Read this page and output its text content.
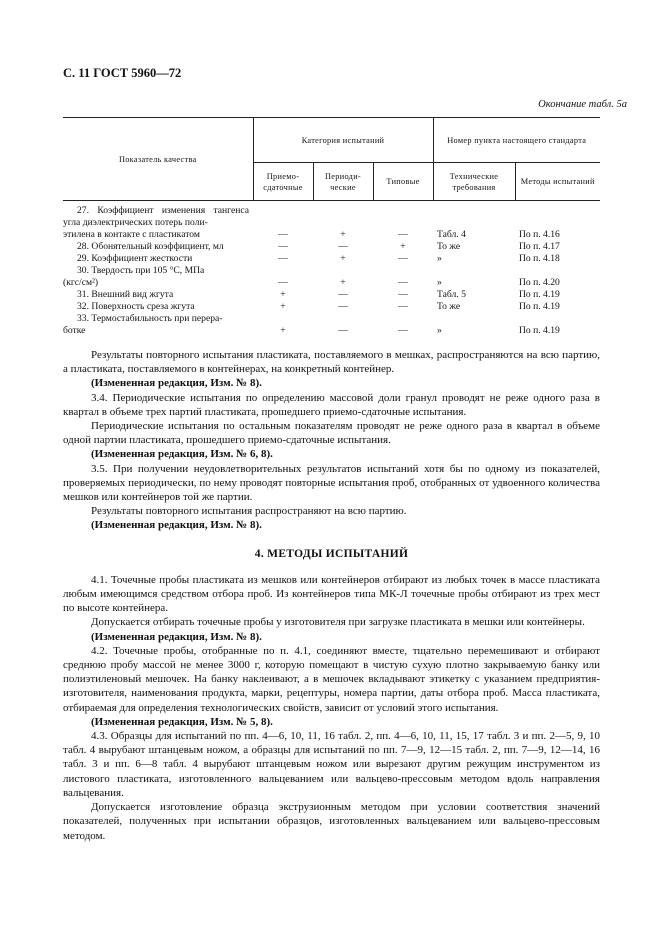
С. 11 ГОСТ 5960—72
Окончание табл. 5а
Показатель качества	Категория испытаний			Номер пункта настоящего стандарта	
	Приемо-сдаточные	Периоди-ческие	Типовые	Технические требования	Методы испытаний

27. Коэффициент изменения тангенса угла диэлектрических потерь поли-
этилена в контакте с пластикатом	—	+	—	Табл. 4	По п. 4.16

28. Обонятельный коэффициент, мл	—	—	+	То же	По п. 4.17

29. Коэффициент жесткости	—	+	—	»	По п. 4.18

30. Твердость при 105 °С, МПа
(кгс/см²)	—	+	—	»	По п. 4.20

31. Внешний вид жгута	+	—	—	Табл. 5	По п. 4.19

32. Поверхность среза жгута	+	—	—	То же	По п. 4.19

33. Термостабильность при перера-
ботке	+	—	—	»	По п. 4.19

Результаты повторного испытания пластиката, поставляемого в мешках, распространяются на всю партию, а пластиката, поставляемого в контейнерах, на конкретный контейнер.

(Измененная редакция, Изм. № 8).

3.4. Периодические испытания по определению массовой доли гранул проводят не реже одного раза в квартал в объеме трех партий пластиката, прошедшего приемо-сдаточные испытания.

Периодические испытания по остальным показателям проводят не реже одного раза в квартал в объеме одной партии пластиката, прошедшего приемо-сдаточные испытания.

(Измененная редакция, Изм. № 6, 8).

3.5. При получении неудовлетворительных результатов испытаний хотя бы по одному из показателей, проверяемых периодически, по нему проводят повторные испытания проб, отобранных от удвоенного количества мешков или контейнеров той же партии.

Результаты повторного испытания распространяют на всю партию.

(Измененная редакция, Изм. № 8).

4. МЕТОДЫ ИСПЫТАНИЙ

4.1. Точечные пробы пластиката из мешков или контейнеров отбирают из любых точек в массе пластиката любым имеющимся средством отбора проб. Из контейнеров типа МК-Л точечные пробы отбирают из трех мест по высоте контейнера.

Допускается отбирать точечные пробы у изготовителя при загрузке пластиката в мешки или контейнеры.

(Измененная редакция, Изм. № 8).

4.2. Точечные пробы, отобранные по п. 4.1, соединяют вместе, тщательно перемешивают и отбирают среднюю пробу массой не менее 3000 г, которую помещают в чистую сухую плотно закрываемую банку или полиэтиленовый мешочек. На банку наклеивают, а в мешочек вкладывают этикетку с указанием предприятия-изготовителя, наименования продукта, марки, рецептуры, номера партии, даты отбора проб. Масса пластиката, отбираемая для определения технологических свойств, зависит от условий этого испытания.

(Измененная редакция, Изм. № 5, 8).

4.3. Образцы для испытаний по пп. 4—6, 10, 11, 16 табл. 2, пп. 4—6, 10, 11, 15, 17 табл. 3 и пп. 2—5, 9, 10 табл. 4 вырубают штанцевым ножом, а образцы для испытаний по пп. 7—9, 12—15 табл. 2, пп. 7—9, 12—14, 16 табл. 3 и пп. 6—8 табл. 4 вырубают штанцевым ножом или вырезают другим режущим инструментом из листового пластиката, изготовленного вальцеванием или вальцево-прессовым методом вдоль направления вальцевания.

Допускается изготовление образца экструзионным методом при условии соответствия значений показателей, полученных при испытании образцов, изготовленных вальцеванием или вальцево-прессовым методом.
